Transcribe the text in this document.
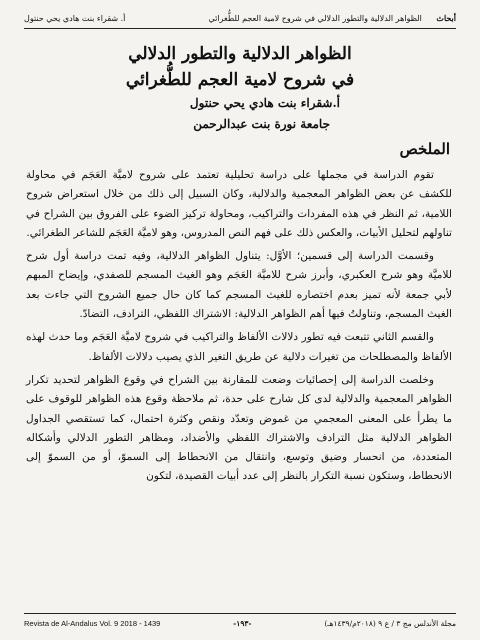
أبحاث الظواهر الدلالية والتطور الدلالي في شروح لامية العجم للطُّغرائي
أ. شقراء بنت هادي يحي حنتول
الظواهر الدلالية والتطور الدلالي
في شروح لامية العجم للطُّغرائي
أ.شقراء بنت هادي يحي حنتول
جامعة نورة بنت عبدالرحمن
الملخص

تقوم الدراسة في مجملها على دراسة تحليلية تعتمد على شروح لاميَّة العَجَم في محاولة للكشف عن بعض الظواهر المعجمية والدلالية، وكان السبيل إلى ذلك من خلال استعراض شروح اللامية، ثم النظر في هذه المفردات والتراكيب، ومحاولة تركيز الضوء على الفروق بين الشراح في تناولهم لتحليل الأبيات، والعكس ذلك على فهم النص المدروس، وهو لاميَّة العَجَم للشاعر الطغرائي.

وقسمت الدراسة إلى قسمين؛ الأوَّل: يتناول الظواهر الدلالية، وفيه تمت دراسة أول شرح للاميَّة وهو شرح العكبري، وأبرز شرح للاميَّة العَجَم وهو الغيث المسجم للصفدي، وإيضاح المبهم لأبي جمعة لأنه تميز بعدم اختصاره للغيث المسجم كما كان حال جميع الشروح التي جاءت بعد الغيث المسجم، وتناولتُ فيها أهم الظواهر الدلالية: الاشتراك اللفظي، الترادف، التضادّ.

والقسم الثاني تتبعت فيه تطور دلالات الألفاظ والتراكيب في شروح لاميَّة العَجَم وما حدث لهذه الألفاظ والمصطلحات من تغيرات دلالية عن طريق التغير الذي يصيب دلالات الألفاظ.

وخلصت الدراسة إلى إحصائيات وضعت للمقارنة بين الشراح في وقوع الظواهر لتحديد تكرار الظواهر المعجمية والدلالية لدى كل شارح على حدة، ثم ملاحظة وقوع هذه الظواهر للوقوف على ما يطرأ على المعنى المعجمي من غموض وتعدّد ونقص وكثرة احتمال، كما تستقصي الجداول الظواهر الدلالية مثل الترادف والاشتراك اللفظي والأضداد، ومظاهر التطور الدلالي وأشكاله المتعددة، من انحسار وضيق وتوسع، وانتقال من الانحطاط إلى السموّ، أو من السموّ إلى الانحطاط، وستكون نسبة التكرار بالنظر إلى عدد أبيات القصيدة، لتكون

Revista de Al-Andalus Vol. 9 2018 - 1439	-١٩٣-	مجلة الأندلس مج ٣ / ع ٩ (٢٠١٨م/١٤٣٩هـ)
